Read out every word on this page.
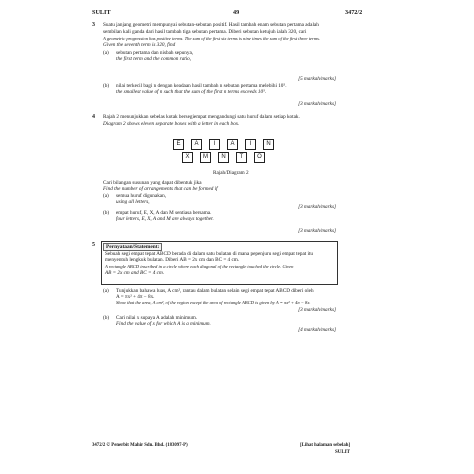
SULIT	49	3472/2
3 Suatu janjang geometri mempunyai sebutan-sebutan positif. Hasil tambah enam sebutan pertama adalah
sembilan kali ganda dari hasil tambah tiga sebutan pertama. Diberi sebutan ketujuh ialah 320, cari
A geometric progression has positive terms. The sum of the first six terms is nine times the sum of the first three terms.
Given the seventh term is 320, find
(a) sebutan pertama dan nisbah sepunya,
the first term and the common ratio,
[5 markah/marks]
(b) nilai terkecil bagi n dengan keadaan hasil tambah n sebutan pertama melebihi 10⁵.
the smallest value of n such that the sum of the first n terms exceeds 10⁵.
[3 markah/marks]
4 Rajah 2 menunjukkan sebelas kotak bersegiempat mengandungi satu huruf dalam setiap kotak.
Diagram 2 shows eleven separate boxes with a letter in each box.
E	A	I	A	I	N
X	M	N	T	O
Rajah/Diagram 2
Cari bilangan susunan yang dapat dibentuk jika
Find the number of arrangements that can be formed if
(a) semua huruf digunakan,
using all letters,
[3 markah/marks]
(b) empat huruf, E, X, A dan M sentiasa bersama.
four letters, E, X, A and M are always together.
[3 markah/marks]
5	Pernyataan/Statement:
Sebuah segi empat tepat ABCD berada di dalam satu bulatan di mana pepenjuru segi empat tepat itu
menyentuh lengkuk bulatan. Diberi AB = 2x cm dan BC = 4 cm.
A rectangle ABCD inscribed in a circle where each diagonal of the rectangle touched the circle. Given
AB = 2x cm and BC = 4 cm.
(a) Tunjukkan bahawa luas, A cm², rantau dalam bulatan selain segi empat tepat ABCD diberi oleh
A = πx² + 4π − 8x.
Show that the area, A cm², of the region except the area of rectangle ABCD is given by A = πx² + 4π − 8x.
[3 markah/marks]
(b) Cari nilai x supaya A adalah minimum.
Find the value of x for which A is a minimum.
[4 markah/marks]
3472/2 © Penerbit Mahir Sdn. Bhd. (183097-P)	[Lihat halaman sebelah]
SULIT
